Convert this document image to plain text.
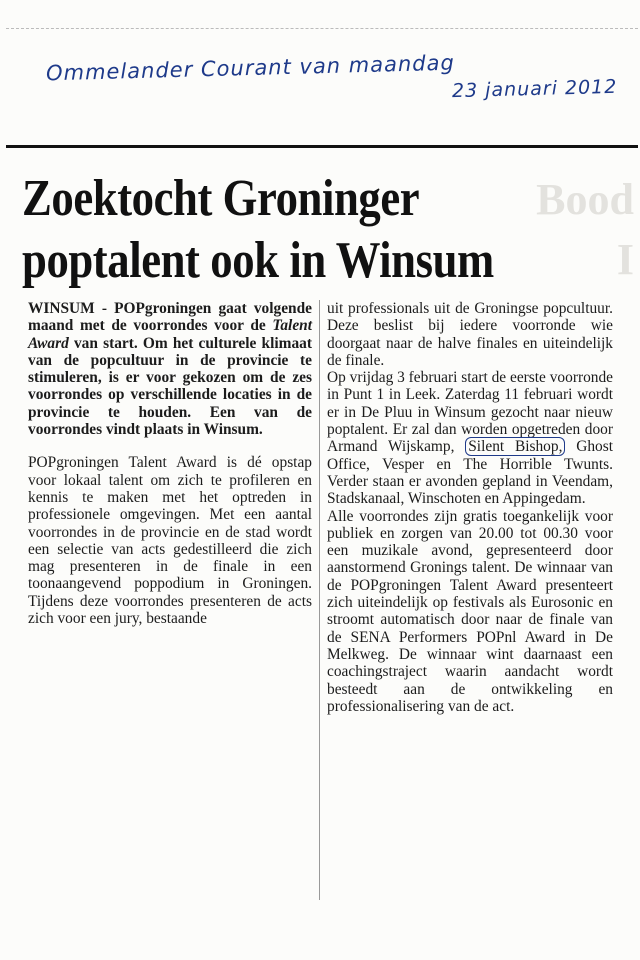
Ommelander Courant van maandag
23 januari 2012
Bood
I
Zoektocht Groninger
poptalent ook in Winsum

WINSUM - POPgroningen gaat volgende maand met de voorrondes voor de Talent Award van start. Om het culturele klimaat van de popcultuur in de provincie te stimuleren, is er voor gekozen om de zes voorrondes op verschillende locaties in de provincie te houden. Een van de voorrondes vindt plaats in Winsum.

POPgroningen Talent Award is dé opstap voor lokaal talent om zich te profileren en kennis te maken met het optreden in professionele omgevingen. Met een aantal voorrondes in de provincie en de stad wordt een selectie van acts gedestilleerd die zich mag presenteren in de finale in een toonaangevend poppodium in Groningen. Tijdens deze voorrondes presenteren de acts zich voor een jury, bestaande

uit professionals uit de Groningse popcultuur. Deze beslist bij iedere voorronde wie doorgaat naar de halve finales en uiteindelijk de finale.

Op vrijdag 3 februari start de eerste voorronde in Punt 1 in Leek. Zaterdag 11 februari wordt er in De Pluu in Winsum gezocht naar nieuw poptalent. Er zal dan worden opgetreden door Armand Wijskamp, Silent Bishop, Ghost Office, Vesper en The Horrible Twunts. Verder staan er avonden gepland in Veendam, Stadskanaal, Winschoten en Appingedam.

Alle voorrondes zijn gratis toegankelijk voor publiek en zorgen van 20.00 tot 00.30 voor een muzikale avond, gepresenteerd door aanstormend Gronings talent. De winnaar van de POPgroningen Talent Award presenteert zich uiteindelijk op festivals als Eurosonic en stroomt automatisch door naar de finale van de SENA Performers POPnl Award in De Melkweg. De winnaar wint daarnaast een coachingstraject waarin aandacht wordt besteedt aan de ontwikkeling en professionalisering van de act.
